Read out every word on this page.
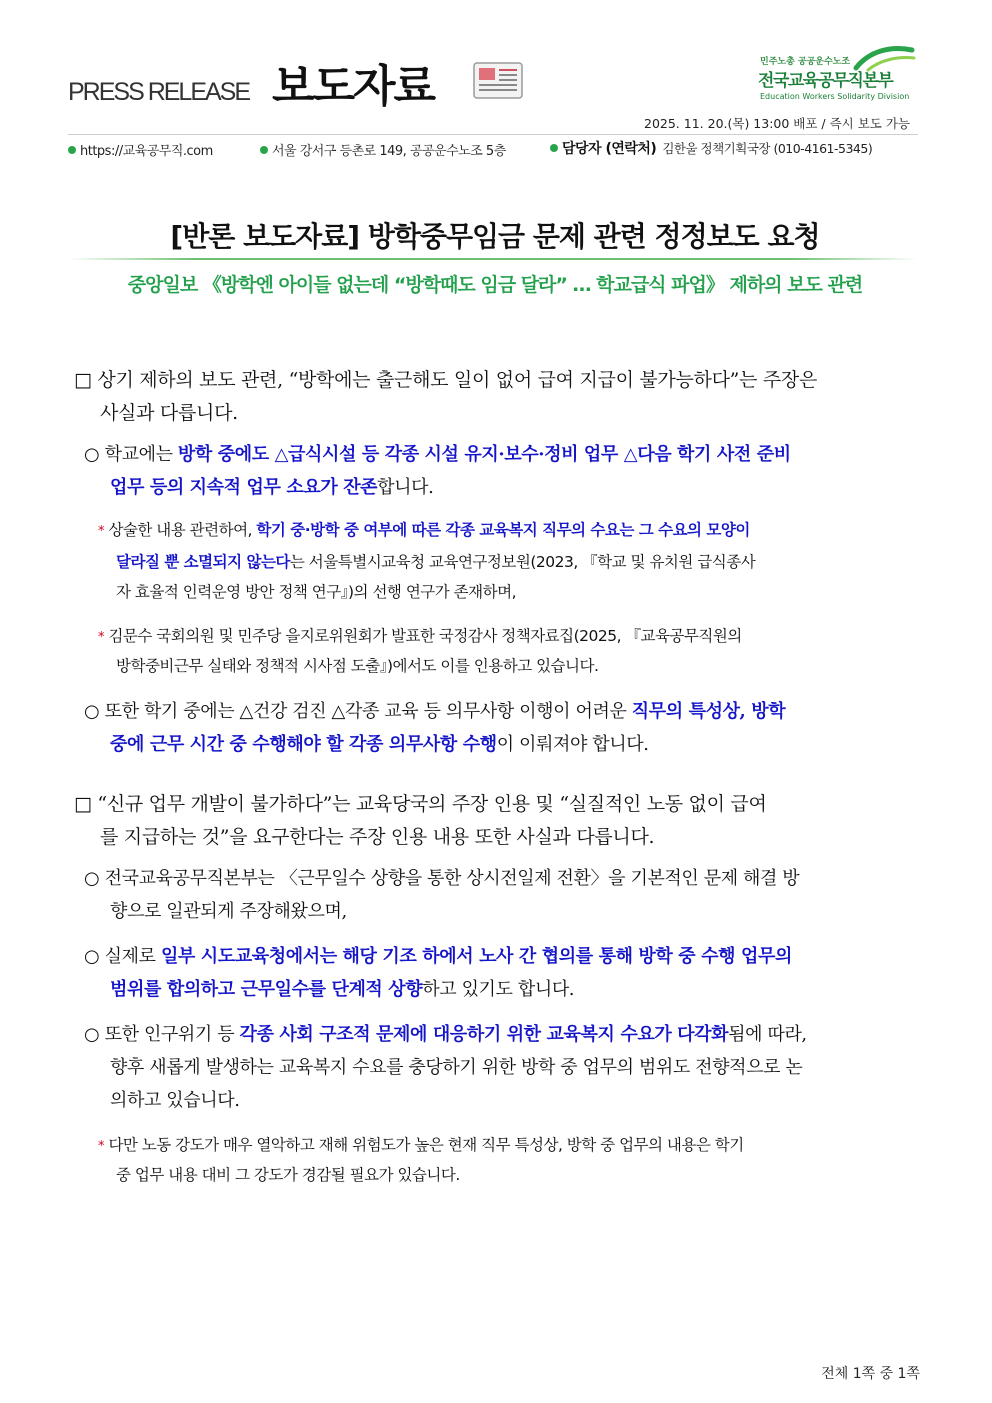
PRESS RELEASE 보도자료	민주노총 공공운수노조
전국교육공무직본부
Education Workers Solidarity Division
2025. 11. 20.(목) 13:00 배포 / 즉시 보도 가능
https://교육공무직.com	서울 강서구 등촌로 149, 공공운수노조 5층	담당자 (연락처) 김한울 정책기획국장 (010-4161-5345)
[반론 보도자료] 방학중무임금 문제 관련 정정보도 요청
중앙일보 《방학엔 아이들 없는데 “방학때도 임금 달라” … 학교급식 파업》 제하의 보도 관련
□ 상기 제하의 보도 관련, “방학에는 출근해도 일이 없어 급여 지급이 불가능하다”는 주장은
사실과 다릅니다.
○ 학교에는 방학 중에도 △급식시설 등 각종 시설 유지·보수·정비 업무 △다음 학기 사전 준비
업무 등의 지속적 업무 소요가 잔존합니다.
* 상술한 내용 관련하여, 학기 중·방학 중 여부에 따른 각종 교육복지 직무의 수요는 그 수요의 모양이
달라질 뿐 소멸되지 않는다는 서울특별시교육청 교육연구정보원(2023, 『학교 및 유치원 급식종사
자 효율적 인력운영 방안 정책 연구』)의 선행 연구가 존재하며,
* 김문수 국회의원 및 민주당 을지로위원회가 발표한 국정감사 정책자료집(2025, 『교육공무직원의
방학중비근무 실태와 정책적 시사점 도출』)에서도 이를 인용하고 있습니다.
○ 또한 학기 중에는 △건강 검진 △각종 교육 등 의무사항 이행이 어려운 직무의 특성상, 방학
중에 근무 시간 중 수행해야 할 각종 의무사항 수행이 이뤄져야 합니다.
□ “신규 업무 개발이 불가하다”는 교육당국의 주장 인용 및 “실질적인 노동 없이 급여
를 지급하는 것”을 요구한다는 주장 인용 내용 또한 사실과 다릅니다.
○ 전국교육공무직본부는 〈근무일수 상향을 통한 상시전일제 전환〉을 기본적인 문제 해결 방
향으로 일관되게 주장해왔으며,
○ 실제로 일부 시도교육청에서는 해당 기조 하에서 노사 간 협의를 통해 방학 중 수행 업무의
범위를 합의하고 근무일수를 단계적 상향하고 있기도 합니다.
○ 또한 인구위기 등 각종 사회 구조적 문제에 대응하기 위한 교육복지 수요가 다각화됨에 따라,
향후 새롭게 발생하는 교육복지 수요를 충당하기 위한 방학 중 업무의 범위도 전향적으로 논
의하고 있습니다.
* 다만 노동 강도가 매우 열악하고 재해 위험도가 높은 현재 직무 특성상, 방학 중 업무의 내용은 학기
중 업무 내용 대비 그 강도가 경감될 필요가 있습니다.
전체 1쪽 중 1쪽
